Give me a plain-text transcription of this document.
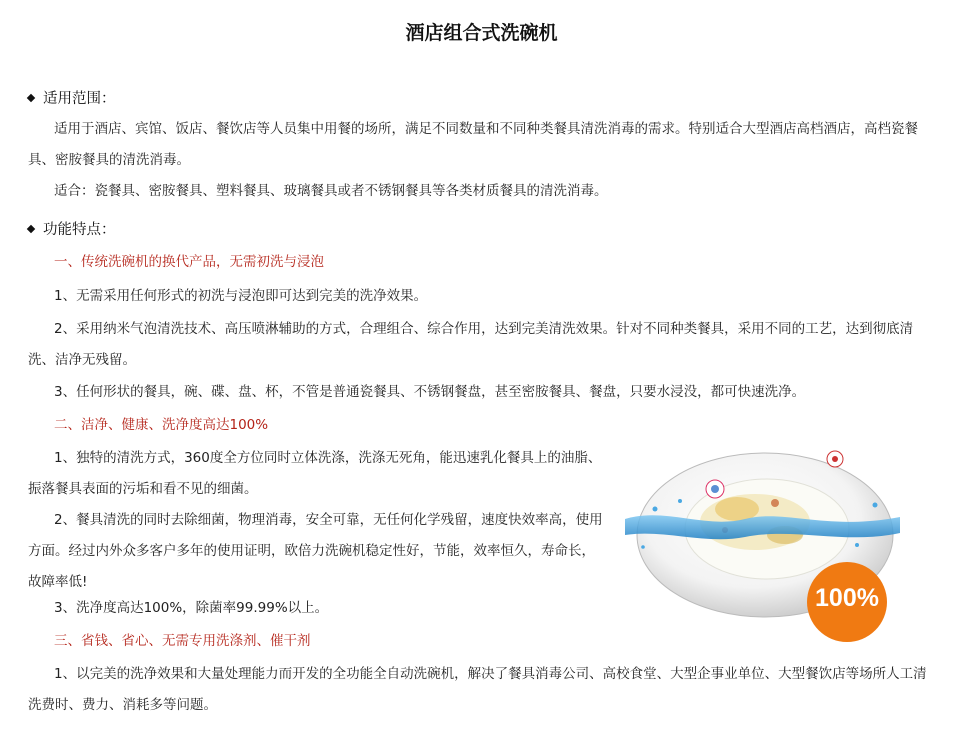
酒店组合式洗碗机
适用范围：
适用于酒店、宾馆、饭店、餐饮店等人员集中用餐的场所，满足不同数量和不同种类餐具清洗消毒的需求。特别适合大型酒店高档酒店，高档瓷餐具、密胺餐具的清洗消毒。
适合：瓷餐具、密胺餐具、塑料餐具、玻璃餐具或者不锈钢餐具等各类材质餐具的清洗消毒。
功能特点：
一、传统洗碗机的换代产品，无需初洗与浸泡
1、无需采用任何形式的初洗与浸泡即可达到完美的洗净效果。
2、采用纳米气泡清洗技术、高压喷淋辅助的方式，合理组合、综合作用，达到完美清洗效果。针对不同种类餐具，采用不同的工艺，达到彻底清洗、洁净无残留。
3、任何形状的餐具，碗、碟、盘、杯，不管是普通瓷餐具、不锈钢餐盘，甚至密胺餐具、餐盘，只要水浸没，都可快速洗净。
二、洁净、健康、洗净度高达100%
1、独特的清洗方式，360度全方位同时立体洗涤，洗涤无死角，能迅速乳化餐具上的油脂、振落餐具表面的污垢和看不见的细菌。
2、餐具清洗的同时去除细菌，物理消毒，安全可靠，无任何化学残留，速度快效率高，使用方面。经过内外众多客户多年的使用证明，欧倍力洗碗机稳定性好，节能，效率恒久，寿命长，故障率低!
3、洗净度高达100%，除菌率99.99%以上。
三、省钱、省心、无需专用洗涤剂、催干剂
1、以完美的洗净效果和大量处理能力而开发的全功能全自动洗碗机，解决了餐具消毒公司、高校食堂、大型企事业单位、大型餐饮店等场所人工清洗费时、费力、消耗多等问题。
100%
